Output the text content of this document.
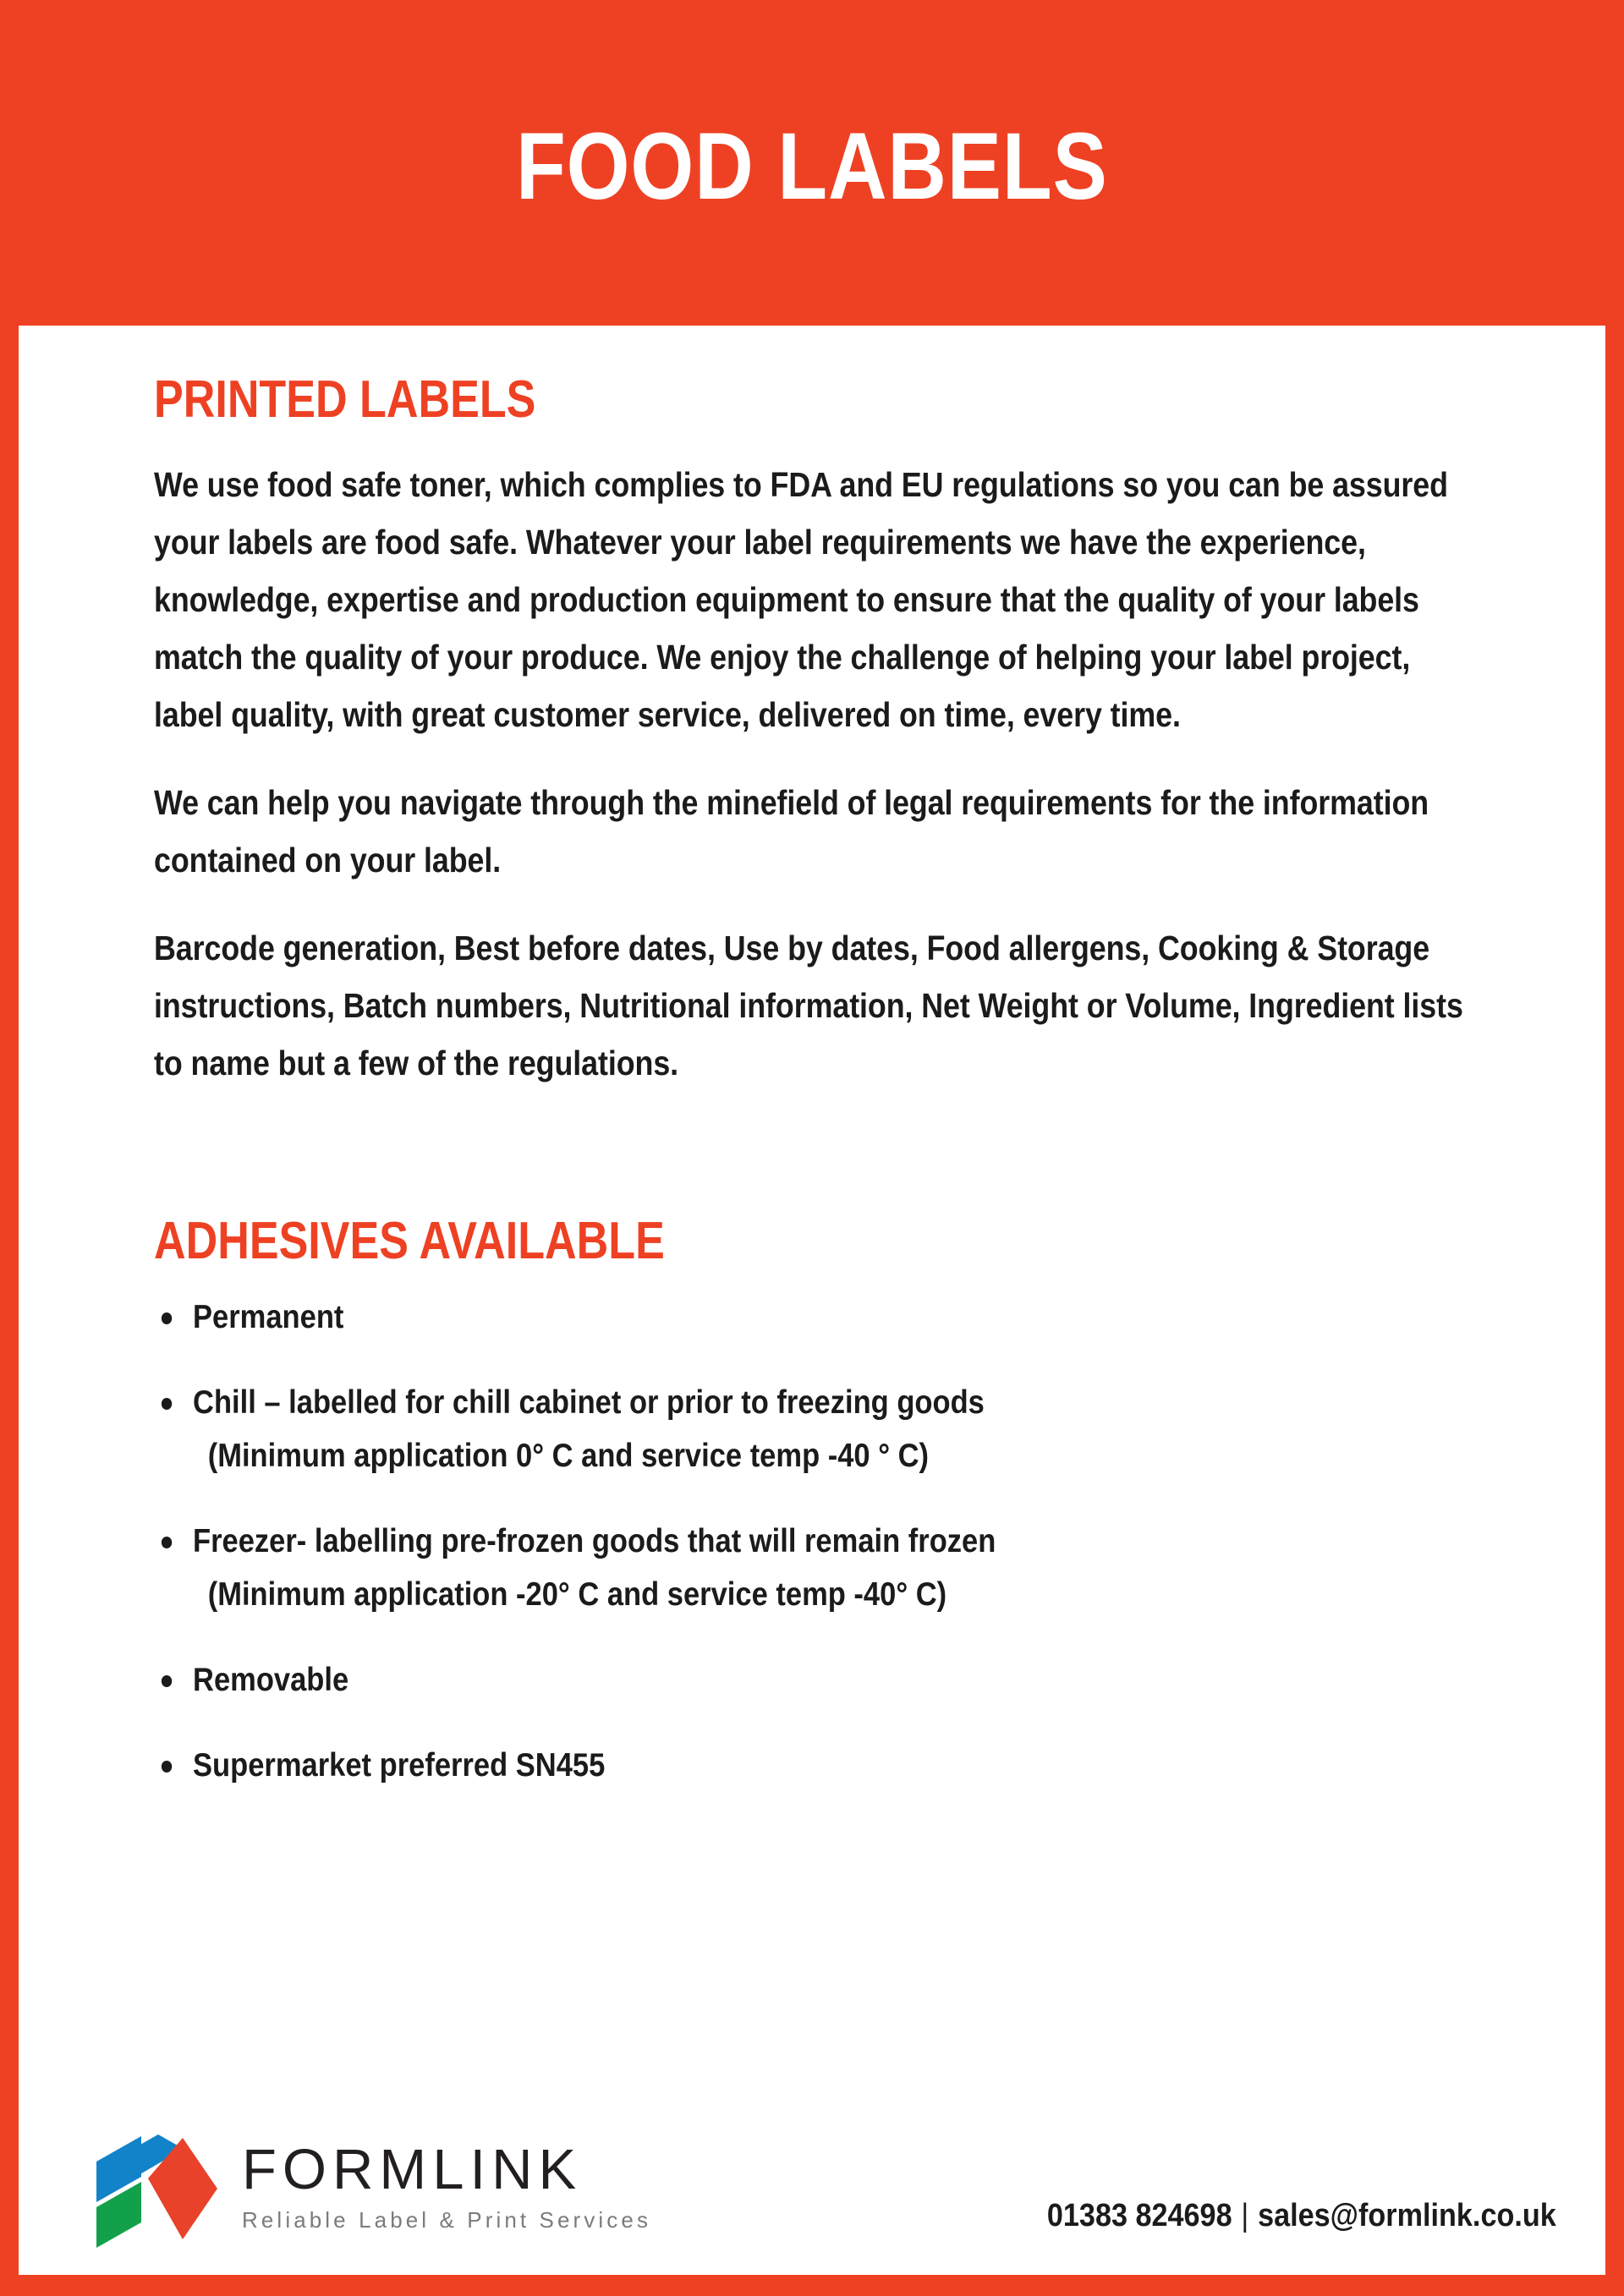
FOOD LABELS
PRINTED LABELS

We use food safe toner, which complies to FDA and EU regulations so you can be assured your labels are food safe. Whatever your label requirements we have the experience, knowledge, expertise and production equipment to ensure that the quality of your labels match the quality of your produce. We enjoy the challenge of helping your label project, label quality, with great customer service, delivered on time, every time.

We can help you navigate through the minefield of legal requirements for the information contained on your label.

Barcode generation, Best before dates, Use by dates, Food allergens, Cooking & Storage instructions, Batch numbers, Nutritional information, Net Weight or Volume, Ingredient lists to name but a few of the regulations.

ADHESIVES AVAILABLE
Permanent
Chill – labelled for chill cabinet or prior to freezing goods
(Minimum application 0° C and service temp -40 ° C)
Freezer- labelling pre-frozen goods that will remain frozen
(Minimum application -20° C and service temp -40° C)
Removable
Supermarket preferred SN455
FORMLINK
Reliable Label & Print Services	01383 824698 | sales@formlink.co.uk
